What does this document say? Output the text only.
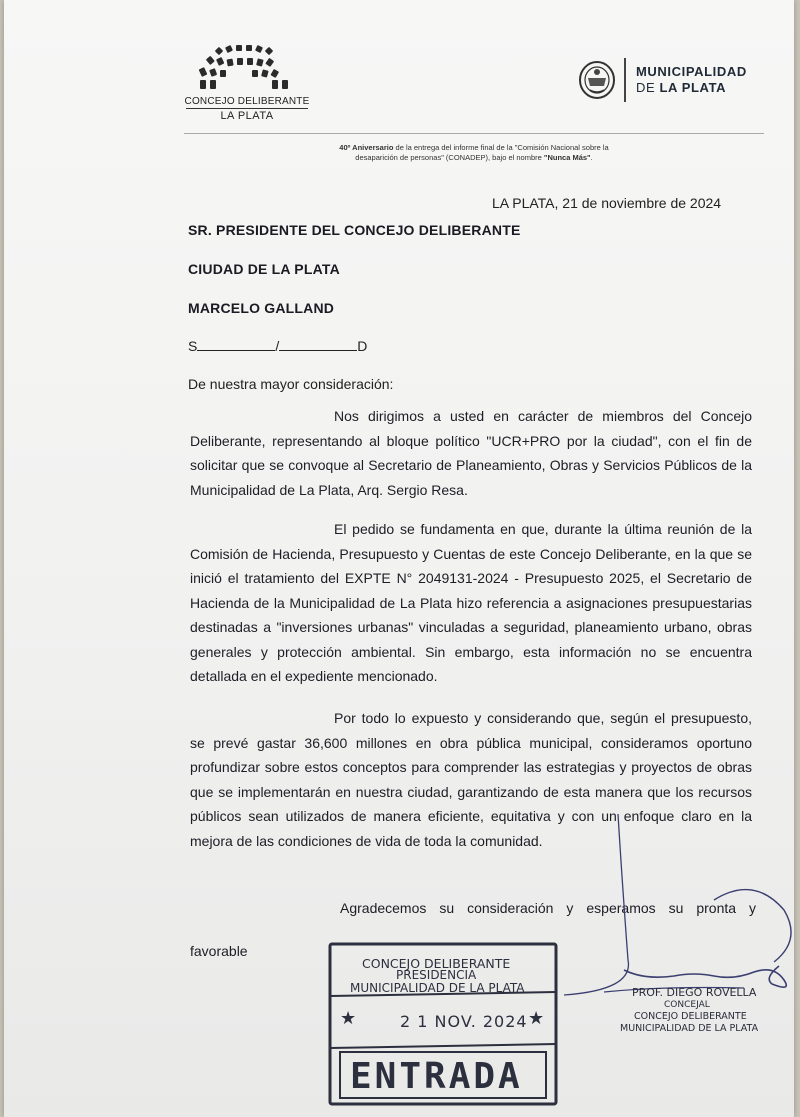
CONCEJO DELIBERANTE
LA PLATA
MUNICIPALIDAD
DE LA PLATA
40º Aniversario de la entrega del informe final de la "Comisión Nacional sobre la
desaparición de personas" (CONADEP), bajo el nombre "Nunca Más".
LA PLATA, 21 de noviembre de 2024
SR. PRESIDENTE DEL CONCEJO DELIBERANTE
CIUDAD DE LA PLATA
MARCELO GALLAND
S	/	D
De nuestra mayor consideración:
Nos dirigimos a usted en carácter de miembros del Concejo Deliberante, representando al bloque político "UCR+PRO por la ciudad", con el fin de solicitar que se convoque al Secretario de Planeamiento, Obras y Servicios Públicos de la Municipalidad de La Plata, Arq. Sergio Resa.
El pedido se fundamenta en que, durante la última reunión de la Comisión de Hacienda, Presupuesto y Cuentas de este Concejo Deliberante, en la que se inició el tratamiento del EXPTE N° 2049131-2024 - Presupuesto 2025, el Secretario de Hacienda de la Municipalidad de La Plata hizo referencia a asignaciones presupuestarias destinadas a "inversiones urbanas" vinculadas a seguridad, planeamiento urbano, obras generales y protección ambiental. Sin embargo, esta información no se encuentra detallada en el expediente mencionado.
Por todo lo expuesto y considerando que, según el presupuesto, se prevé gastar 36,600 millones en obra pública municipal, consideramos oportuno profundizar sobre estos conceptos para comprender las estrategias y proyectos de obras que se implementarán en nuestra ciudad, garantizando de esta manera que los recursos públicos sean utilizados de manera eficiente, equitativa y con un enfoque claro en la mejora de las condiciones de vida de toda la comunidad.
Agradecemos su consideración y esperamos su pronta y
favorable
PROF. DIEGO ROVELLA
CONCEJAL
CONCEJO DELIBERANTE
MUNICIPALIDAD DE LA PLATA
CONCEJO DELIBERANTE
PRESIDENCIA
MUNICIPALIDAD DE LA PLATA
★	2 1 NOV. 2024 ★
ENTRADA
